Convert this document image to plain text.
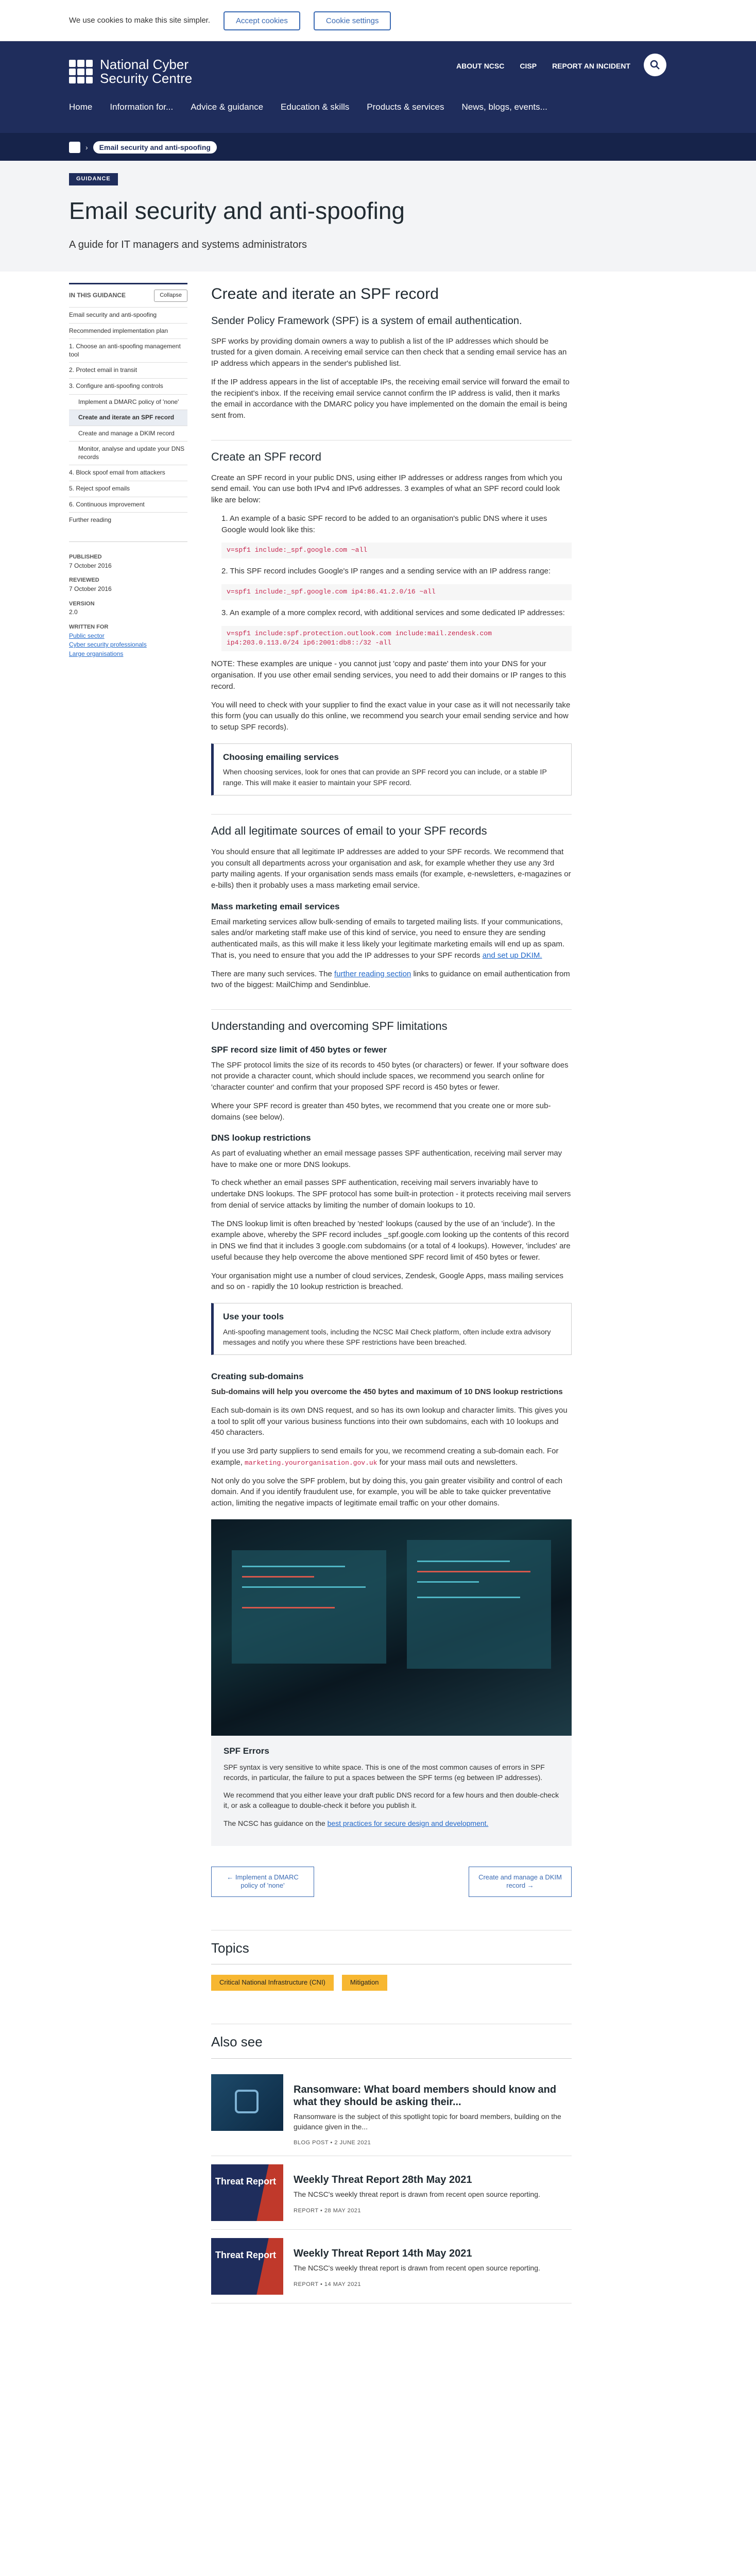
We use cookies to make this site simpler.	Accept cookies	Cookie settings
National Cyber
Security Centre
ABOUT NCSC CISP REPORT AN INCIDENT
Home Information for... Advice & guidance Education & skills Products & services News, blogs, events...
›	Email security and anti-spoofing
GUIDANCE
Email security and anti-spoofing
A guide for IT managers and systems administrators
IN THIS GUIDANCE	Collapse
Email security and anti-spoofing
Recommended implementation plan
1. Choose an anti-spoofing management tool
2. Protect email in transit
3. Configure anti-spoofing controls
Implement a DMARC policy of 'none'
Create and iterate an SPF record
Create and manage a DKIM record
Monitor, analyse and update your DNS records
4. Block spoof email from attackers
5. Reject spoof emails
6. Continuous improvement
Further reading
PUBLISHED
7 October 2016
REVIEWED
7 October 2016
VERSION
2.0
WRITTEN FOR
Public sector
Cyber security professionals
Large organisations
Create and iterate an SPF record

Sender Policy Framework (SPF) is a system of email authentication.

SPF works by providing domain owners a way to publish a list of the IP addresses which should be trusted for a given domain. A receiving email service can then check that a sending email service has an IP address which appears in the sender's published list.

If the IP address appears in the list of acceptable IPs, the receiving email service will forward the email to the recipient's inbox. If the receiving email service cannot confirm the IP address is valid, then it marks the email in accordance with the DMARC policy you have implemented on the domain the email is being sent from.

Create an SPF record

Create an SPF record in your public DNS, using either IP addresses or address ranges from which you send email. You can use both IPv4 and IPv6 addresses. 3 examples of what an SPF record could look like are below:

1. An example of a basic SPF record to be added to an organisation's public DNS where it uses Google would look like this:

v=spf1 include:_spf.google.com ~all

2. This SPF record includes Google's IP ranges and a sending service with an IP address range:

v=spf1 include:_spf.google.com ip4:86.41.2.0/16 ~all

3. An example of a more complex record, with additional services and some dedicated IP addresses:

v=spf1 include:spf.protection.outlook.com include:mail.zendesk.com ip4:203.0.113.0/24 ip6:2001:db8::/32 -all

NOTE: These examples are unique - you cannot just 'copy and paste' them into your DNS for your organisation. If you use other email sending services, you need to add their domains or IP ranges to this record.

You will need to check with your supplier to find the exact value in your case as it will not necessarily take this form (you can usually do this online, we recommend you search your email sending service and how to setup SPF records).

Choosing emailing services

When choosing services, look for ones that can provide an SPF record you can include, or a stable IP range. This will make it easier to maintain your SPF record.

Add all legitimate sources of email to your SPF records

You should ensure that all legitimate IP addresses are added to your SPF records. We recommend that you consult all departments across your organisation and ask, for example whether they use any 3rd party mailing agents. If your organisation sends mass emails (for example, e-newsletters, e-magazines or e-bills) then it probably uses a mass marketing email service.

Mass marketing email services

Email marketing services allow bulk-sending of emails to targeted mailing lists. If your communications, sales and/or marketing staff make use of this kind of service, you need to ensure they are sending authenticated mails, as this will make it less likely your legitimate marketing emails will end up as spam. That is, you need to ensure that you add the IP addresses to your SPF records and set up DKIM.

There are many such services. The further reading section links to guidance on email authentication from two of the biggest: MailChimp and Sendinblue.

Understanding and overcoming SPF limitations
SPF record size limit of 450 bytes or fewer

The SPF protocol limits the size of its records to 450 bytes (or characters) or fewer. If your software does not provide a character count, which should include spaces, we recommend you search online for 'character counter' and confirm that your proposed SPF record is 450 bytes or fewer.

Where your SPF record is greater than 450 bytes, we recommend that you create one or more sub-domains (see below).

DNS lookup restrictions

As part of evaluating whether an email message passes SPF authentication, receiving mail server may have to make one or more DNS lookups.

To check whether an email passes SPF authentication, receiving mail servers invariably have to undertake DNS lookups. The SPF protocol has some built-in protection - it protects receiving mail servers from denial of service attacks by limiting the number of domain lookups to 10.

The DNS lookup limit is often breached by 'nested' lookups (caused by the use of an 'include'). In the example above, whereby the SPF record includes _spf.google.com looking up the contents of this record in DNS we find that it includes 3 google.com subdomains (or a total of 4 lookups). However, 'includes' are useful because they help overcome the above mentioned SPF record limit of 450 bytes or fewer.

Your organisation might use a number of cloud services, Zendesk, Google Apps, mass mailing services and so on - rapidly the 10 lookup restriction is breached.

Use your tools

Anti-spoofing management tools, including the NCSC Mail Check platform, often include extra advisory messages and notify you where these SPF restrictions have been breached.

Creating sub-domains

Sub-domains will help you overcome the 450 bytes and maximum of 10 DNS lookup restrictions

Each sub-domain is its own DNS request, and so has its own lookup and character limits. This gives you a tool to split off your various business functions into their own subdomains, each with 10 lookups and 450 characters.

If you use 3rd party suppliers to send emails for you, we recommend creating a sub-domain each. For example, marketing.yourorganisation.gov.uk for your mass mail outs and newsletters.

Not only do you solve the SPF problem, but by doing this, you gain greater visibility and control of each domain. And if you identify fraudulent use, for example, you will be able to take quicker preventative action, limiting the negative impacts of legitimate email traffic on your other domains.

SPF Errors

SPF syntax is very sensitive to white space. This is one of the most common causes of errors in SPF records, in particular, the failure to put a spaces between the SPF terms (eg between IP addresses).

We recommend that you either leave your draft public DNS record for a few hours and then double-check it, or ask a colleague to double-check it before you publish it.

The NCSC has guidance on the best practices for secure design and development.

← Implement a DMARC policy of 'none'
Create and manage a DKIM record →
Topics
Critical National Infrastructure (CNI)	Mitigation
Also see
Ransomware: What board members should know and what they should be asking their...

Ransomware is the subject of this spotlight topic for board members, building on the guidance given in the...

BLOG POST • 2 JUNE 2021
Threat Report Weekly Threat Report 28th May 2021

The NCSC's weekly threat report is drawn from recent open source reporting.

REPORT • 28 MAY 2021
Threat Report Weekly Threat Report 14th May 2021

The NCSC's weekly threat report is drawn from recent open source reporting.

REPORT • 14 MAY 2021
